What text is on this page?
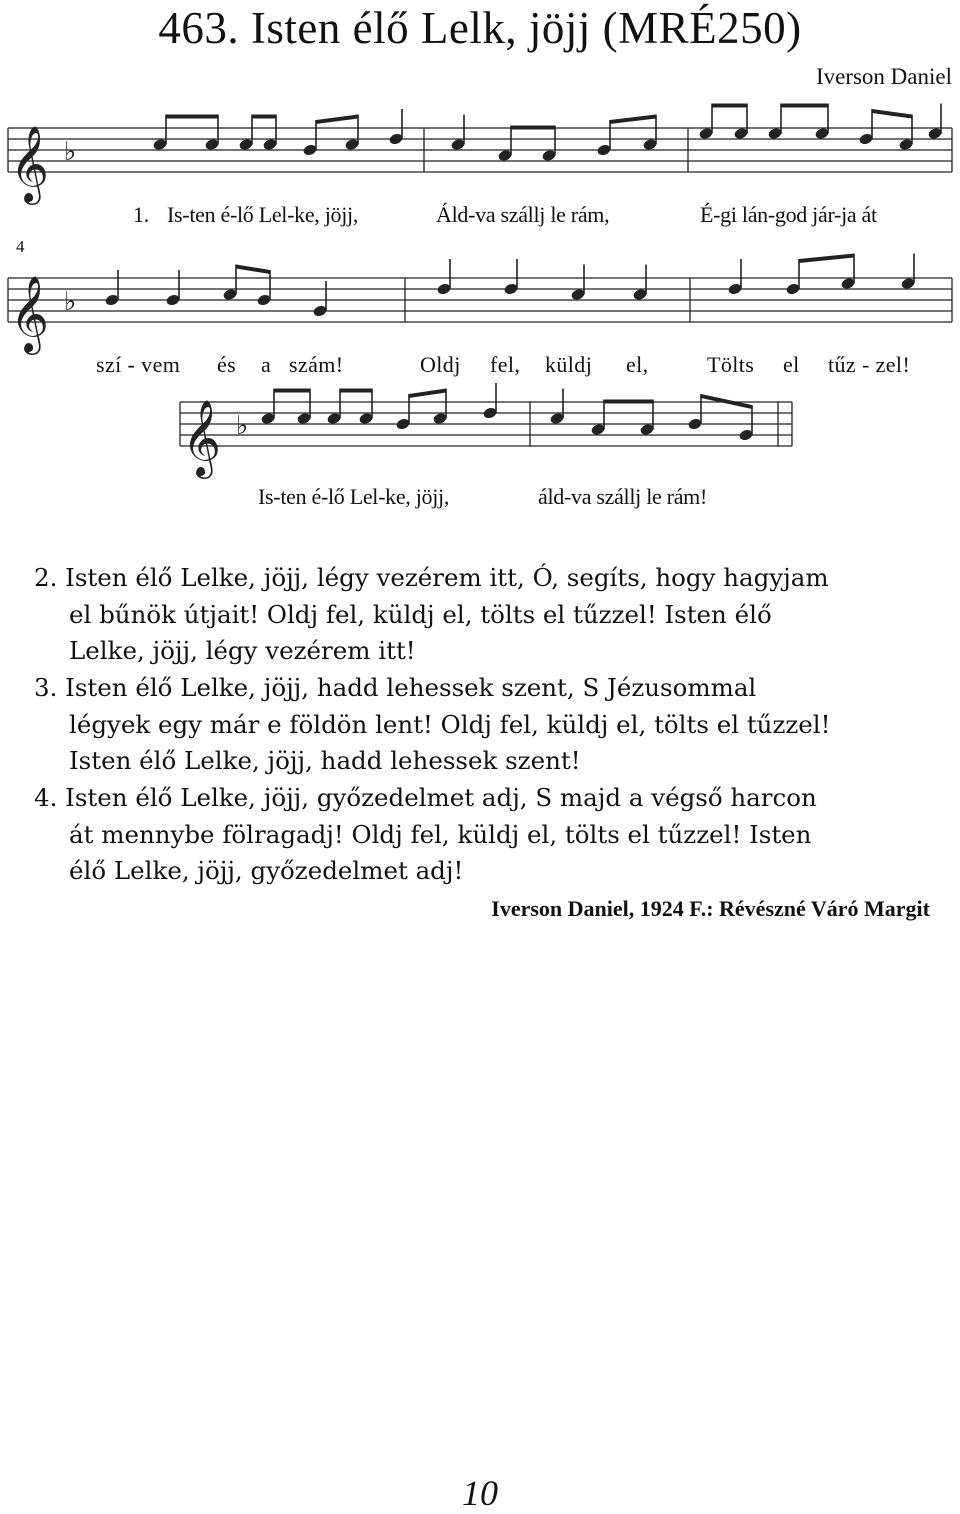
463. Isten élő Lelk, jöjj (MRÉ250)
Iverson Daniel
𝄞 ♭
𝄞 ♭
𝄞 ♭
4
1. Is-ten é-lő Lel-ke, jöjj,	Áld-va szállj le rám,	É-gi lán-god jár-ja át
szí - vem és a szám!	Oldj fel, küldj el,	Tölts el tűz - zel!
Is-ten é-lő Lel-ke, jöjj,	áld-va szállj le rám!

2. Isten élő Lelke, jöjj, légy vezérem itt, Ó, segíts, hogy hagyjam

el bűnök útjait! Oldj fel, küldj el, tölts el tűzzel! Isten élő

Lelke, jöjj, légy vezérem itt!

3. Isten élő Lelke, jöjj, hadd lehessek szent, S Jézusommal

légyek egy már e földön lent! Oldj fel, küldj el, tölts el tűzzel!

Isten élő Lelke, jöjj, hadd lehessek szent!

4. Isten élő Lelke, jöjj, győzedelmet adj, S majd a végső harcon

át mennybe fölragadj! Oldj fel, küldj el, tölts el tűzzel! Isten

élő Lelke, jöjj, győzedelmet adj!

Iverson Daniel, 1924 F.: Révészné Váró Margit
10
